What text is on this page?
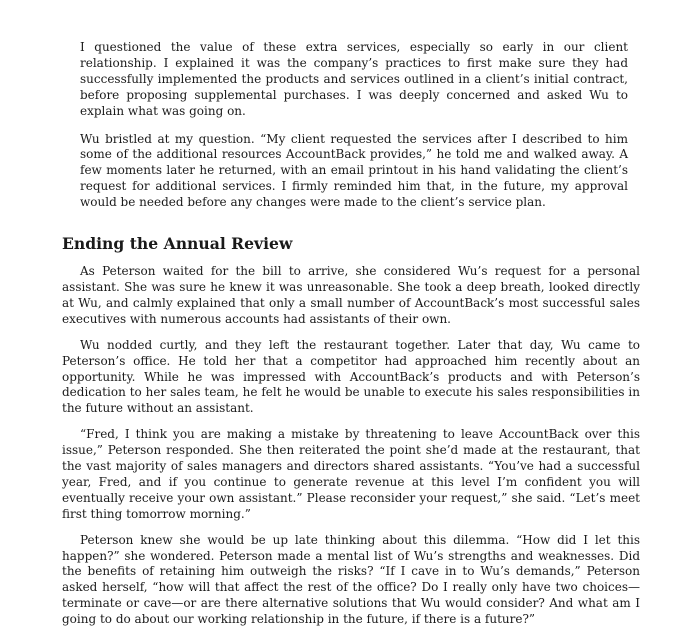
I questioned the value of these extra services, especially so early in our client relationship. I explained it was the company’s practices to first make sure they had successfully implemented the products and services outlined in a client’s initial contract, before proposing supplemental purchases. I was deeply concerned and asked Wu to explain what was going on.

Wu bristled at my question. “My client requested the services after I described to him some of the additional resources AccountBack provides,” he told me and walked away. A few moments later he returned, with an email printout in his hand validating the client’s request for additional services. I firmly reminded him that, in the future, my approval would be needed before any changes were made to the client’s service plan.

Ending the Annual Review

As Peterson waited for the bill to arrive, she considered Wu’s request for a personal assistant. She was sure he knew it was unreasonable. She took a deep breath, looked directly at Wu, and calmly explained that only a small number of AccountBack’s most successful sales executives with numerous accounts had assistants of their own.

Wu nodded curtly, and they left the restaurant together. Later that day, Wu came to Peterson’s office. He told her that a competitor had approached him recently about an opportunity. While he was impressed with AccountBack’s products and with Peterson’s dedication to her sales team, he felt he would be unable to execute his sales responsibilities in the future without an assistant.

“Fred, I think you are making a mistake by threatening to leave AccountBack over this issue,” Peterson responded. She then reiterated the point she’d made at the restaurant, that the vast majority of sales managers and directors shared assistants. “You’ve had a successful year, Fred, and if you continue to generate revenue at this level I’m confident you will eventually receive your own assistant.” Please reconsider your request,” she said. “Let’s meet first thing tomorrow morning.”

Peterson knew she would be up late thinking about this dilemma. “How did I let this happen?” she wondered. Peterson made a mental list of Wu’s strengths and weaknesses. Did the benefits of retaining him outweigh the risks? “If I cave in to Wu’s demands,” Peterson asked herself, “how will that affect the rest of the office? Do I really only have two choices—terminate or cave—or are there alternative solutions that Wu would consider? And what am I going to do about our working relationship in the future, if there is a future?”
